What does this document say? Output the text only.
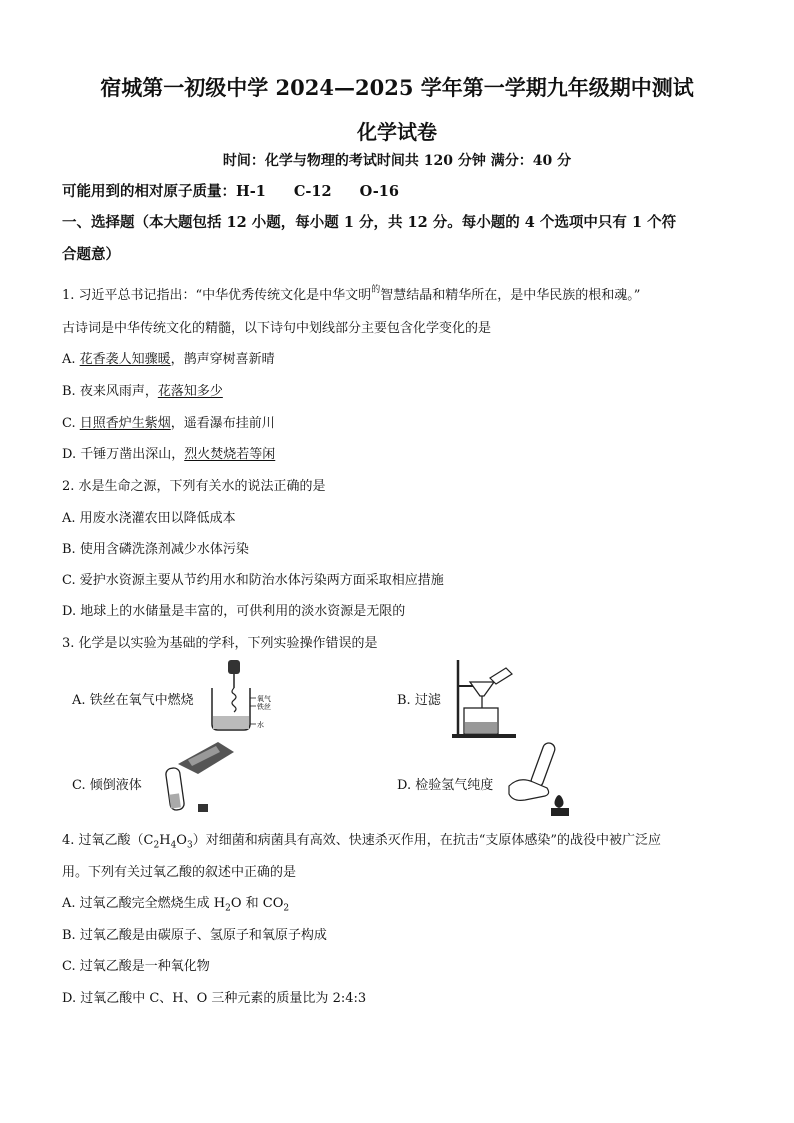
宿城第一初级中学 2024—2025 学年第一学期九年级期中测试
化学试卷
时间：化学与物理的考试时间共 120 分钟 满分：40 分
可能用到的相对原子质量：H-1 C-12 O-16
一、选择题（本大题包括 12 小题，每小题 1 分，共 12 分。每小题的 4 个选项中只有 1 个符
合题意）
1. 习近平总书记指出：“中华优秀传统文化是中华文明$^的$智慧结晶和精华所在，是中华民族的根和魂。”
古诗词是中华传统文化的精髓，以下诗句中划线部分主要包含化学变化的是
A. 花香袭人知骤暖，鹊声穿树喜新晴
B. 夜来风雨声，花落知多少
C. 日照香炉生紫烟，遥看瀑布挂前川
D. 千锤万凿出深山，烈火焚烧若等闲
2. 水是生命之源，下列有关水的说法正确的是
A. 用废水浇灌农田以降低成本
B. 使用含磷洗涤剂减少水体污染
C. 爱护水资源主要从节约用水和防治水体污染两方面采取相应措施
D. 地球上的水储量是丰富的，可供利用的淡水资源是无限的
3. 化学是以实验为基础的学科，下列实验操作错误的是
A. 铁丝在氧气中燃烧	B. 过滤
C. 倾倒液体	D. 检验氢气纯度
氧气
铁丝
水
4. 过氧乙酸$(C_2H_4O_3)$对细菌和病菌具有高效、快速杀灭作用，在抗击“支原体感染”的战役中被广泛应
用。下列有关过氧乙酸的叙述中正确的是
A. 过氧乙酸完全燃烧生成 $H_2O$ 和 $CO_2$
B. 过氧乙酸是由碳原子、氢原子和氧原子构成
C. 过氧乙酸是一种氧化物
D. 过氧乙酸中 C、H、O 三种元素的质量比为 2:4:3
